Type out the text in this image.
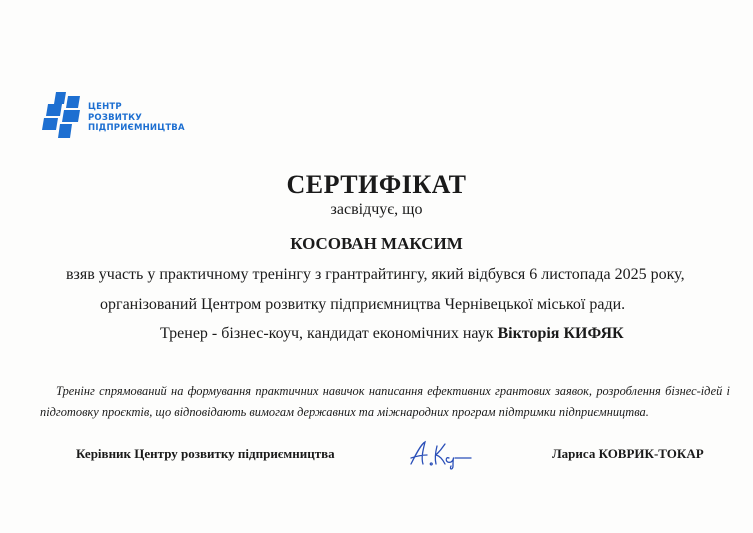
ЦЕНТР
РОЗВИТКУ
ПІДПРИЄМНИЦТВА
СЕРТИФІКАТ
засвідчує, що
КОСОВАН МАКСИМ
взяв участь у практичному тренінгу з грантрайтингу, який відбувся 6 листопада 2025 року,
організований Центром розвитку підприємництва Чернівецької міської ради.
Тренер - бізнес-коуч, кандидат економічних наук Вікторія КИФЯК
Тренінг спрямований на формування практичних навичок написання ефективних грантових заявок, розроблення бізнес-ідей і підготовку проєктів, що відповідають вимогам державних та міжнародних програм підтримки підприємництва.
Керівник Центру розвитку підприємництва	Лариса КОВРИК-ТОКАР
